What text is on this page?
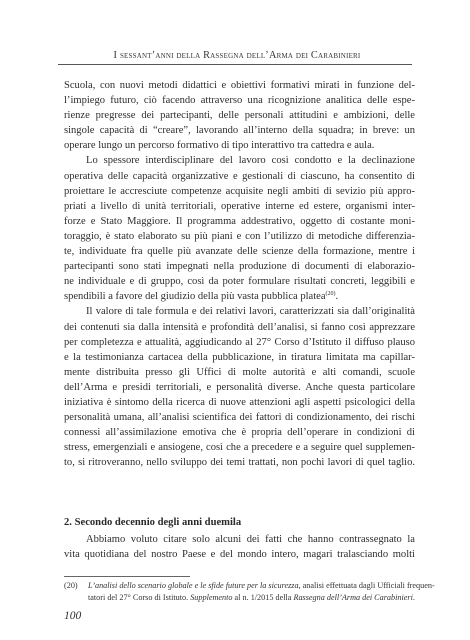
I sessant’anni della Rassegna dell’Arma dei Carabinieri
Scuola, con nuovi metodi didattici e obiettivi formativi mirati in funzione del-
l’impiego futuro, ciò facendo attraverso una ricognizione analitica delle espe-
rienze pregresse dei partecipanti, delle personali attitudini e ambizioni, delle
singole capacità di “creare”, lavorando all’interno della squadra; in breve: un
operare lungo un percorso formativo di tipo interattivo tra cattedra e aula.
Lo spessore interdisciplinare del lavoro così condotto e la declinazione
operativa delle capacità organizzative e gestionali di ciascuno, ha consentito di
proiettare le accresciute competenze acquisite negli ambiti di sevizio più appro-
priati a livello di unità territoriali, operative interne ed estere, organismi inter-
forze e Stato Maggiore. Il programma addestrativo, oggetto di costante moni-
toraggio, è stato elaborato su più piani e con l’utilizzo di metodiche differenzia-
te, individuate fra quelle più avanzate delle scienze della formazione, mentre i
partecipanti sono stati impegnati nella produzione di documenti di elaborazio-
ne individuale e di gruppo, così da poter formulare risultati concreti, leggibili e
spendibili a favore del giudizio della più vasta pubblica platea$^{(20)}$.
Il valore di tale formula e dei relativi lavori, caratterizzati sia dall’originalità
dei contenuti sia dalla intensità e profondità dell’analisi, si fanno così apprezzare
per completezza e attualità, aggiudicando al 27° Corso d’Istituto il diffuso plauso
e la testimonianza cartacea della pubblicazione, in tiratura limitata ma capillar-
mente distribuita presso gli Uffici di molte autorità e alti comandi, scuole
dell’Arma e presidi territoriali, e personalità diverse. Anche questa particolare
iniziativa è sintomo della ricerca di nuove attenzioni agli aspetti psicologici della
personalità umana, all’analisi scientifica dei fattori di condizionamento, dei rischi
connessi all’assimilazione emotiva che è propria dell’operare in condizioni di
stress, emergenziali e ansiogene, così che a precedere e a seguire quel supplemen-
to, si ritroveranno, nello sviluppo dei temi trattati, non pochi lavori di quel taglio.
2. Secondo decennio degli anni duemila
Abbiamo voluto citare solo alcuni dei fatti che hanno contrassegnato la
vita quotidiana del nostro Paese e del mondo intero, magari tralasciando molti
(20) L’analisi dello scenario globale e le sfide future per la sicurezza, analisi effettuata dagli Ufficiali frequen-
tatori del 27° Corso di Istituto. Supplemento al n. 1/2015 della Rassegna dell’Arma dei Carabinieri.
100
